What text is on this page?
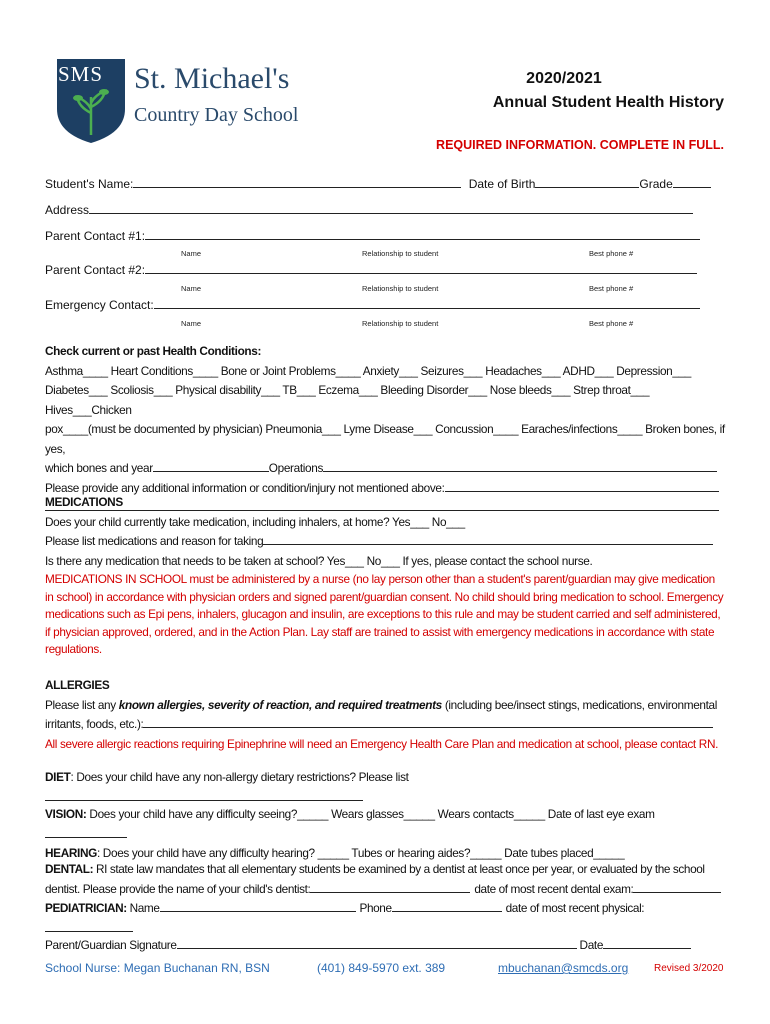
SMS St. Michael's
Country Day School
2020/2021
Annual Student Health History
REQUIRED INFORMATION. COMPLETE IN FULL.
Student's Name:	Date of Birth	Grade
Address
Parent Contact #1:
Name	Relationship to student	Best phone #
Parent Contact #2:
Name	Relationship to student	Best phone #
Emergency Contact:
Name	Relationship to student	Best phone #
Check current or past Health Conditions:
Asthma____ Heart Conditions____ Bone or Joint Problems____ Anxiety___ Seizures___ Headaches___ ADHD___ Depression___
Diabetes___ Scoliosis___ Physical disability___ TB___ Eczema___ Bleeding Disorder___ Nose bleeds___ Strep throat___ Hives___Chicken
pox____(must be documented by physician) Pneumonia___ Lyme Disease___ Concussion____ Earaches/infections____ Broken bones, if yes,
which bones and year	Operations
Please provide any additional information or condition/injury not mentioned above:
MEDICATIONS
Does your child currently take medication, including inhalers, at home? Yes___ No___
Please list medications and reason for taking
Is there any medication that needs to be taken at school? Yes___ No___ If yes, please contact the school nurse.
MEDICATIONS IN SCHOOL must be administered by a nurse (no lay person other than a student's parent/guardian may give medication in school) in accordance with physician orders and signed parent/guardian consent. No child should bring medication to school. Emergency medications such as Epi pens, inhalers, glucagon and insulin, are exceptions to this rule and may be student carried and self administered, if physician approved, ordered, and in the Action Plan. Lay staff are trained to assist with emergency medications in accordance with state regulations.
ALLERGIES
Please list any known allergies, severity of reaction, and required treatments (including bee/insect stings, medications, environmental
irritants, foods, etc.):
All severe allergic reactions requiring Epinephrine will need an Emergency Health Care Plan and medication at school, please contact RN.
DIET: Does your child have any non-allergy dietary restrictions? Please list
VISION: Does your child have any difficulty seeing?_____ Wears glasses_____ Wears contacts_____ Date of last eye exam
HEARING: Does your child have any difficulty hearing? _____ Tubes or hearing aides?_____ Date tubes placed_____
DENTAL: RI state law mandates that all elementary students be examined by a dentist at least once per year, or evaluated by the school
dentist. Please provide the name of your child's dentist:	date of most recent dental exam:
PEDIATRICIAN: Name	Phone	date of most recent physical:
Parent/Guardian Signature	Date
School Nurse: Megan Buchanan RN, BSN	(401) 849-5970 ext. 389	mbuchanan@smcds.org	Revised 3/2020
